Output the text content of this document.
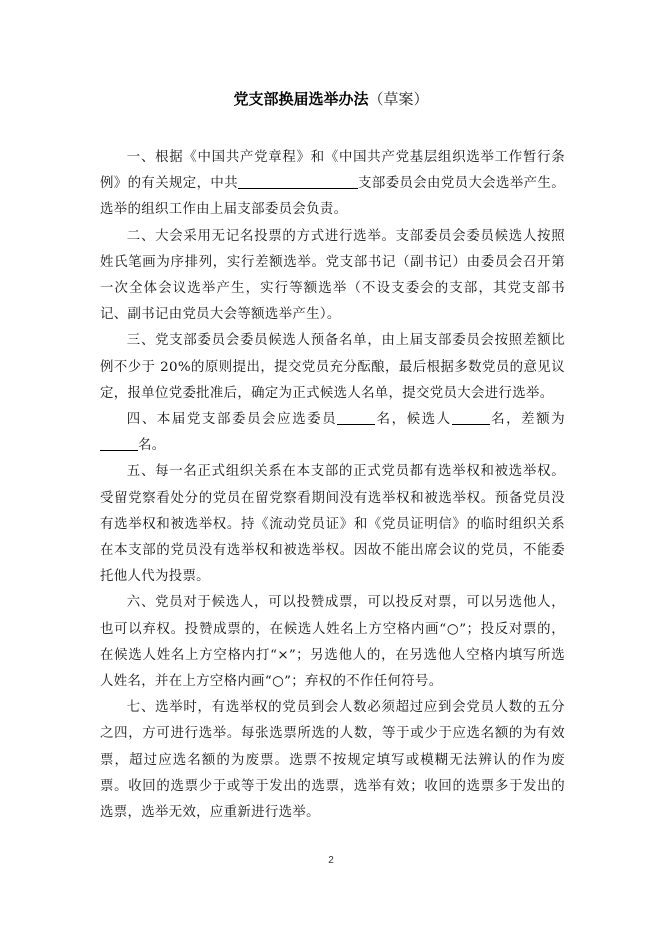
党支部换届选举办法（草案）

一、根据《中国共产党章程》和《中国共产党基层组织选举工作暂行条例》的有关规定，中共	支部委员会由党员大会选举产生。选举的组织工作由上届支部委员会负责。

二、大会采用无记名投票的方式进行选举。支部委员会委员候选人按照姓氏笔画为序排列，实行差额选举。党支部书记（副书记）由委员会召开第一次全体会议选举产生，实行等额选举（不设支委会的支部，其党支部书记、副书记由党员大会等额选举产生）。

三、党支部委员会委员候选人预备名单，由上届支部委员会按照差额比例不少于 20%的原则提出，提交党员充分酝酿，最后根据多数党员的意见议定，报单位党委批准后，确定为正式候选人名单，提交党员大会进行选举。

四、本届党支部委员会应选委员	名，候选人	名，差额为名。

五、每一名正式组织关系在本支部的正式党员都有选举权和被选举权。受留党察看处分的党员在留党察看期间没有选举权和被选举权。预备党员没有选举权和被选举权。持《流动党员证》和《党员证明信》的临时组织关系在本支部的党员没有选举权和被选举权。因故不能出席会议的党员，不能委托他人代为投票。

六、党员对于候选人，可以投赞成票，可以投反对票，可以另选他人，也可以弃权。投赞成票的，在候选人姓名上方空格内画“○”；投反对票的，在候选人姓名上方空格内打“×”；另选他人的，在另选他人空格内填写所选人姓名，并在上方空格内画“○”；弃权的不作任何符号。

七、选举时，有选举权的党员到会人数必须超过应到会党员人数的五分之四，方可进行选举。每张选票所选的人数，等于或少于应选名额的为有效票，超过应选名额的为废票。选票不按规定填写或模糊无法辨认的作为废票。收回的选票少于或等于发出的选票，选举有效；收回的选票多于发出的选票，选举无效，应重新进行选举。

2
